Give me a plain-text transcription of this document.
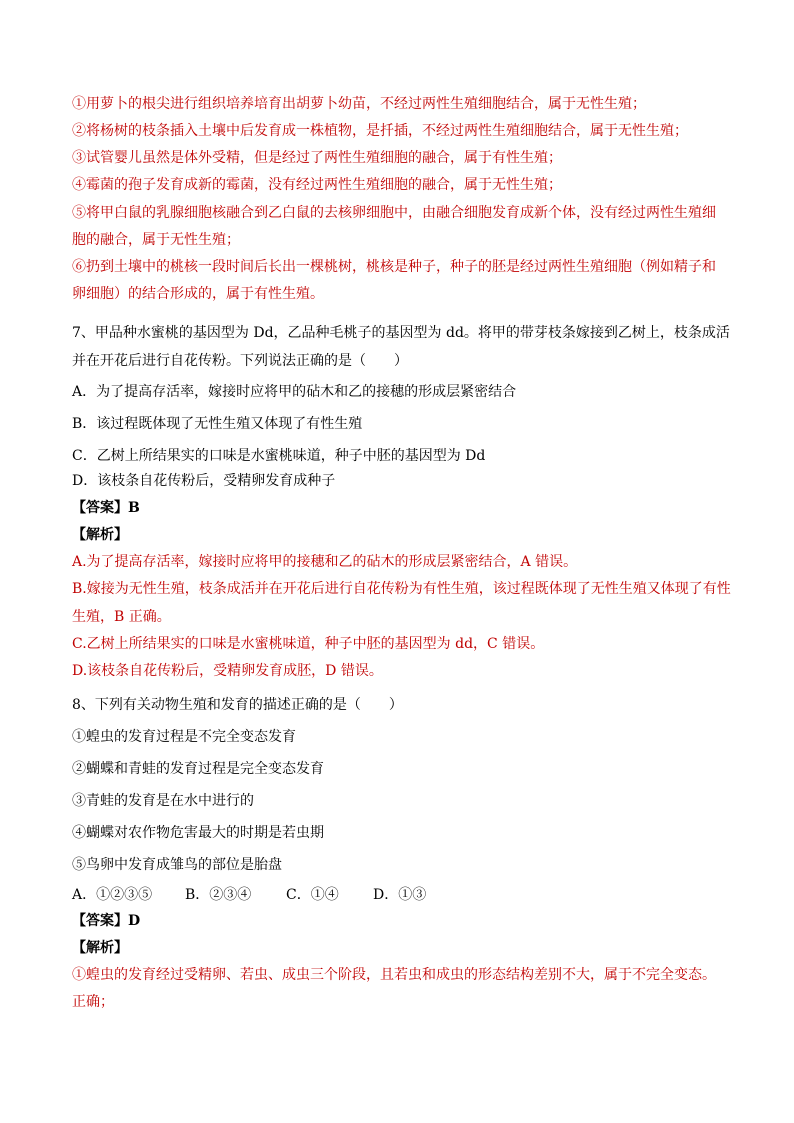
①用萝卜的根尖进行组织培养培育出胡萝卜幼苗，不经过两性生殖细胞结合，属于无性生殖；
②将杨树的枝条插入土壤中后发育成一株植物，是扦插，不经过两性生殖细胞结合，属于无性生殖；
③试管婴儿虽然是体外受精，但是经过了两性生殖细胞的融合，属于有性生殖；
④霉菌的孢子发育成新的霉菌，没有经过两性生殖细胞的融合，属于无性生殖；
⑤将甲白鼠的乳腺细胞核融合到乙白鼠的去核卵细胞中，由融合细胞发育成新个体，没有经过两性生殖细
胞的融合，属于无性生殖；
⑥扔到土壤中的桃核一段时间后长出一棵桃树，桃核是种子，种子的胚是经过两性生殖细胞（例如精子和
卵细胞）的结合形成的，属于有性生殖。
7、甲品种水蜜桃的基因型为 Dd，乙品种毛桃子的基因型为 dd。将甲的带芽枝条嫁接到乙树上，枝条成活
并在开花后进行自花传粉。下列说法正确的是（　　）
A．为了提高存活率，嫁接时应将甲的砧木和乙的接穗的形成层紧密结合
B．该过程既体现了无性生殖又体现了有性生殖
C．乙树上所结果实的口味是水蜜桃味道，种子中胚的基因型为 Dd
D．该枝条自花传粉后，受精卵发育成种子
【答案】B
【解析】
A.为了提高存活率，嫁接时应将甲的接穗和乙的砧木的形成层紧密结合，A 错误。
B.嫁接为无性生殖，枝条成活并在开花后进行自花传粉为有性生殖，该过程既体现了无性生殖又体现了有性
生殖，B 正确。
C.乙树上所结果实的口味是水蜜桃味道，种子中胚的基因型为 dd，C 错误。
D.该枝条自花传粉后，受精卵发育成胚，D 错误。
8、下列有关动物生殖和发育的描述正确的是（　　）
①蝗虫的发育过程是不完全变态发育
②蝴蝶和青蛙的发育过程是完全变态发育
③青蛙的发育是在水中进行的
④蝴蝶对农作物危害最大的时期是若虫期
⑤鸟卵中发育成雏鸟的部位是胎盘
A．①②③⑤ B．②③④ C．①④ D．①③
【答案】D
【解析】
①蝗虫的发育经过受精卵、若虫、成虫三个阶段，且若虫和成虫的形态结构差别不大，属于不完全变态。
正确；
